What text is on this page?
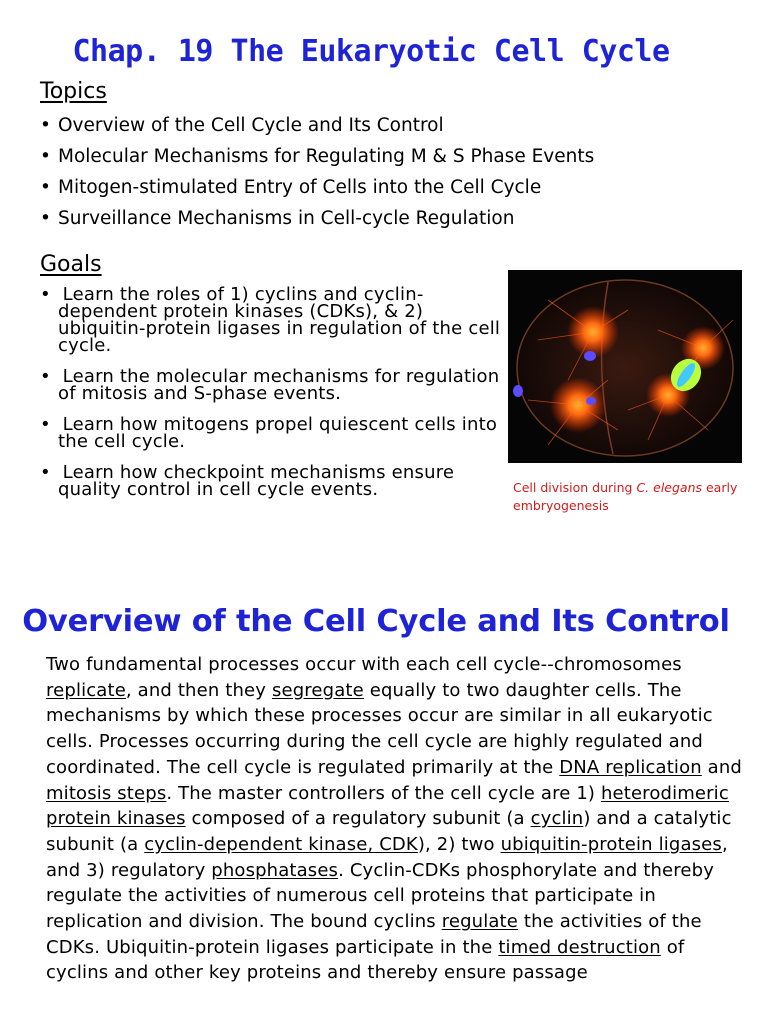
Chap. 19 The Eukaryotic Cell Cycle
Topics
• Overview of the Cell Cycle and Its Control
• Molecular Mechanisms for Regulating M & S Phase Events
• Mitogen-stimulated Entry of Cells into the Cell Cycle
• Surveillance Mechanisms in Cell-cycle Regulation
Goals
•  Learn the roles of 1) cyclins and cyclin-dependent protein kinases (CDKs), & 2) ubiquitin-protein ligases in regulation of the cell cycle.
•  Learn the molecular mechanisms for regulation of mitosis and S-phase events.
•  Learn how mitogens propel quiescent cells into the cell cycle.
•  Learn how checkpoint mechanisms ensure quality control in cell cycle events.	Cell division during C. elegans early embryogenesis
Overview of the Cell Cycle and Its Control
Two fundamental processes occur with each cell cycle--chromosomes replicate, and then they segregate equally to two daughter cells. The mechanisms by which these processes occur are similar in all eukaryotic cells. Processes occurring during the cell cycle are highly regulated and coordinated. The cell cycle is regulated primarily at the DNA replication and mitosis steps. The master controllers of the cell cycle are 1) heterodimeric protein kinases composed of a regulatory subunit (a cyclin) and a catalytic subunit (a cyclin-dependent kinase, CDK), 2) two ubiquitin-protein ligases, and 3) regulatory phosphatases. Cyclin-CDKs phosphorylate and thereby regulate the activities of numerous cell proteins that participate in replication and division. The bound cyclins regulate the activities of the CDKs. Ubiquitin-protein ligases participate in the timed destruction of cyclins and other key proteins and thereby ensure passage
